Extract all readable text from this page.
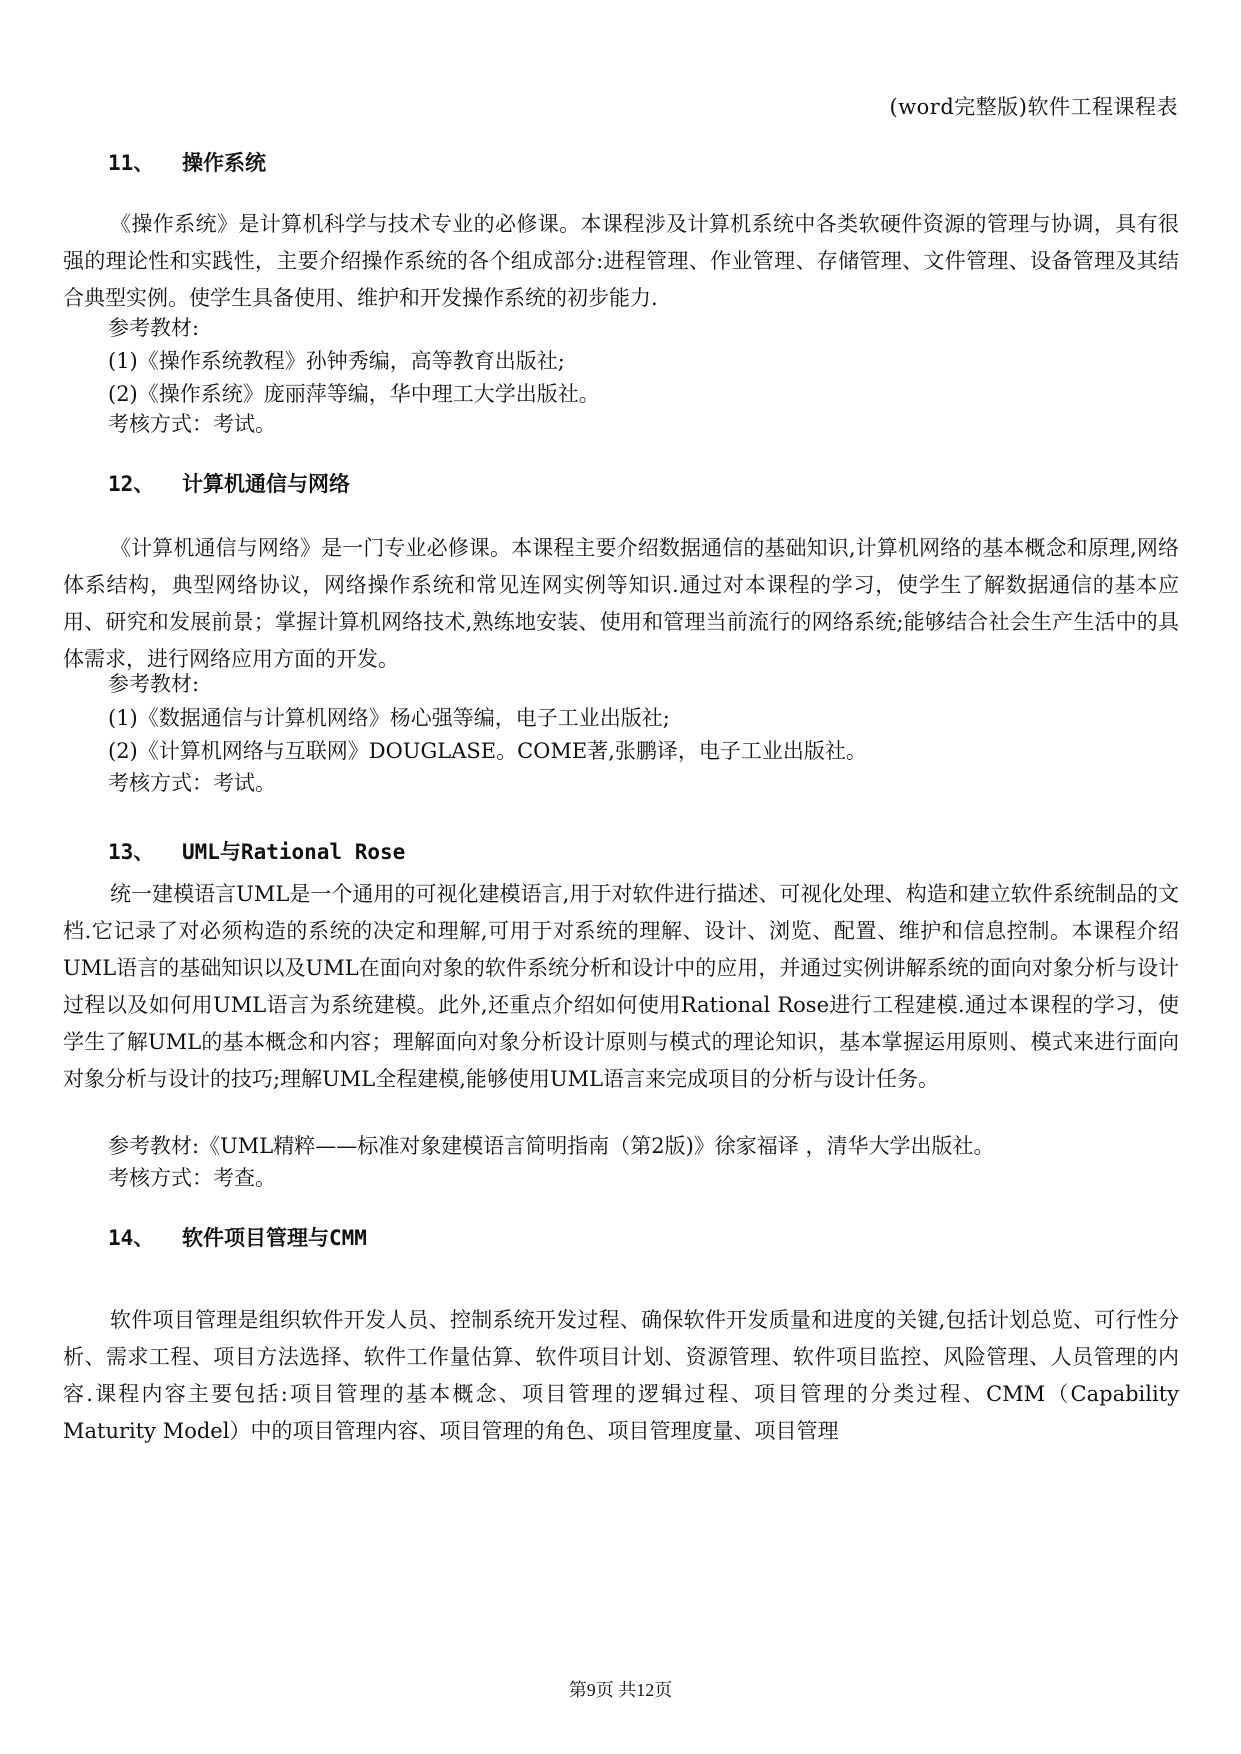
(word完整版)软件工程课程表
11、 操作系统

《操作系统》是计算机科学与技术专业的必修课。本课程涉及计算机系统中各类软硬件资源的管理与协调，具有很强的理论性和实践性，主要介绍操作系统的各个组成部分:进程管理、作业管理、存储管理、文件管理、设备管理及其结合典型实例。使学生具备使用、维护和开发操作系统的初步能力.

参考教材:
(1)《操作系统教程》孙钟秀编，高等教育出版社;
(2)《操作系统》庞丽萍等编，华中理工大学出版社。
考核方式：考试。
12、 计算机通信与网络

《计算机通信与网络》是一门专业必修课。本课程主要介绍数据通信的基础知识,计算机网络的基本概念和原理,网络体系结构，典型网络协议，网络操作系统和常见连网实例等知识.通过对本课程的学习，使学生了解数据通信的基本应用、研究和发展前景；掌握计算机网络技术,熟练地安装、使用和管理当前流行的网络系统;能够结合社会生产生活中的具体需求，进行网络应用方面的开发。

参考教材:
(1)《数据通信与计算机网络》杨心强等编，电子工业出版社;
(2)《计算机网络与互联网》DOUGLASE。COME著,张鹏译，电子工业出版社。
考核方式：考试。
13、 UML与Rational Rose

统一建模语言UML是一个通用的可视化建模语言,用于对软件进行描述、可视化处理、构造和建立软件系统制品的文档.它记录了对必须构造的系统的决定和理解,可用于对系统的理解、设计、浏览、配置、维护和信息控制。本课程介绍UML语言的基础知识以及UML在面向对象的软件系统分析和设计中的应用，并通过实例讲解系统的面向对象分析与设计过程以及如何用UML语言为系统建模。此外,还重点介绍如何使用Rational Rose进行工程建模.通过本课程的学习，使学生了解UML的基本概念和内容；理解面向对象分析设计原则与模式的理论知识，基本掌握运用原则、模式来进行面向对象分析与设计的技巧;理解UML全程建模,能够使用UML语言来完成项目的分析与设计任务。

参考教材:《UML精粹——标准对象建模语言简明指南（第2版)》徐家福译 ，清华大学出版社。
考核方式：考查。
14、 软件项目管理与CMM

软件项目管理是组织软件开发人员、控制系统开发过程、确保软件开发质量和进度的关键,包括计划总览、可行性分析、需求工程、项目方法选择、软件工作量估算、软件项目计划、资源管理、软件项目监控、风险管理、人员管理的内容.课程内容主要包括:项目管理的基本概念、项目管理的逻辑过程、项目管理的分类过程、CMM（Capability Maturity Model）中的项目管理内容、项目管理的角色、项目管理度量、项目管理

第9页 共12页
